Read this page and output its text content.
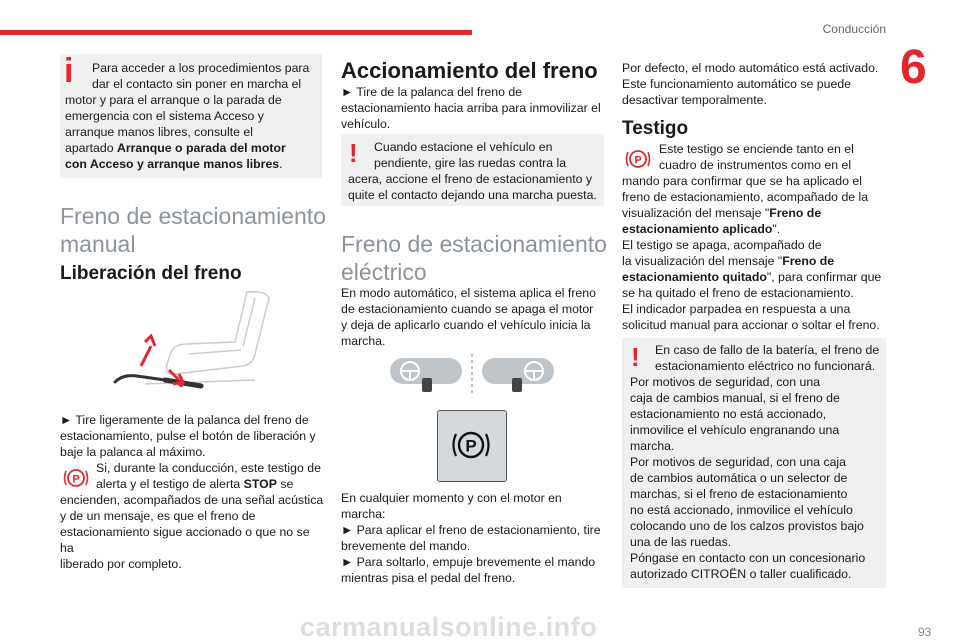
Conducción
6
i Para acceder a los procedimientos para
dar el contacto sin poner en marcha el
motor y para el arranque o la parada de
emergencia con el sistema Acceso y
arranque manos libres, consulte el
apartado Arranque o parada del motor
con Acceso y arranque manos libres.
Freno de estacionamiento
manual
Liberación del freno
► Tire ligeramente de la palanca del freno de
estacionamiento, pulse el botón de liberación y
baje la palanca al máximo.
P
Si, durante la conducción, este testigo de
alerta y el testigo de alerta STOP se
encienden, acompañados de una señal acústica
y de un mensaje, es que el freno de
estacionamiento sigue accionado o que no se ha
liberado por completo.
Accionamiento del freno
► Tire de la palanca del freno de
estacionamiento hacia arriba para inmovilizar el
vehículo.
! Cuando estacione el vehículo en
pendiente, gire las ruedas contra la
acera, accione el freno de estacionamiento y
quite el contacto dejando una marcha puesta.
Freno de estacionamiento
eléctrico
En modo automático, el sistema aplica el freno
de estacionamiento cuando se apaga el motor
y deja de aplicarlo cuando el vehículo inicia la
marcha.
P
En cualquier momento y con el motor en
marcha:
► Para aplicar el freno de estacionamiento, tire
brevemente del mando.
► Para soltarlo, empuje brevemente el mando
mientras pisa el pedal del freno.
Por defecto, el modo automático está activado.
Este funcionamiento automático se puede
desactivar temporalmente.
Testigo
P
Este testigo se enciende tanto en el
cuadro de instrumentos como en el
mando para confirmar que se ha aplicado el
freno de estacionamiento, acompañado de la
visualización del mensaje "Freno de
estacionamiento aplicado".
El testigo se apaga, acompañado de
la visualización del mensaje "Freno de
estacionamiento quitado", para confirmar que
se ha quitado el freno de estacionamiento.
El indicador parpadea en respuesta a una
solicitud manual para accionar o soltar el freno.
! En caso de fallo de la batería, el freno de
estacionamiento eléctrico no funcionará.
Por motivos de seguridad, con una
caja de cambios manual, si el freno de
estacionamiento no está accionado,
inmovilice el vehículo engranando una
marcha.
Por motivos de seguridad, con una caja
de cambios automática o un selector de
marchas, si el freno de estacionamiento
no está accionado, inmovilice el vehículo
colocando uno de los calzos provistos bajo
una de las ruedas.
Póngase en contacto con un concesionario
autorizado CITROËN o taller cualificado.
carmanualsonline.info	93
